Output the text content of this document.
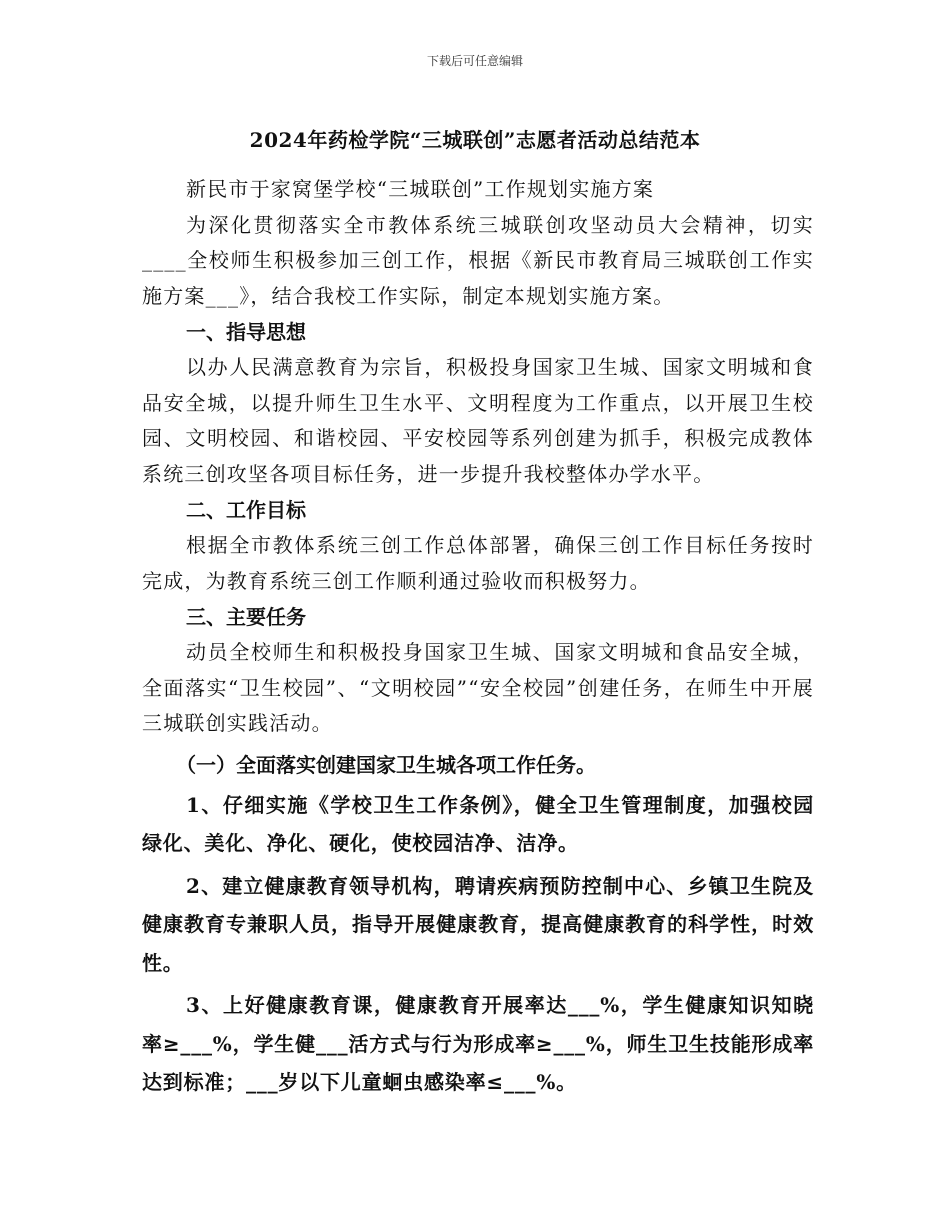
下载后可任意编辑
2024年药检学院“三城联创”志愿者活动总结范本

新民市于家窝堡学校“三城联创”工作规划实施方案

为深化贯彻落实全市教体系统三城联创攻坚动员大会精神，切实____全校师生积极参加三创工作，根据《新民市教育局三城联创工作实施方案___》，结合我校工作实际，制定本规划实施方案。

一、指导思想

以办人民满意教育为宗旨，积极投身国家卫生城、国家文明城和食品安全城，以提升师生卫生水平、文明程度为工作重点，以开展卫生校园、文明校园、和谐校园、平安校园等系列创建为抓手，积极完成教体系统三创攻坚各项目标任务，进一步提升我校整体办学水平。

二、工作目标

根据全市教体系统三创工作总体部署，确保三创工作目标任务按时完成，为教育系统三创工作顺利通过验收而积极努力。

三、主要任务

动员全校师生和积极投身国家卫生城、国家文明城和食品安全城，全面落实“卫生校园”、“文明校园”“安全校园”创建任务，在师生中开展三城联创实践活动。

（一）全面落实创建国家卫生城各项工作任务。

1、仔细实施《学校卫生工作条例》，健全卫生管理制度，加强校园绿化、美化、净化、硬化，使校园洁净、洁净。

2、建立健康教育领导机构，聘请疾病预防控制中心、乡镇卫生院及健康教育专兼职人员，指导开展健康教育，提高健康教育的科学性，时效性。

3、上好健康教育课，健康教育开展率达___%，学生健康知识知晓率≥___%，学生健___活方式与行为形成率≥___%，师生卫生技能形成率达到标准；___岁以下儿童蛔虫感染率≤___%。
